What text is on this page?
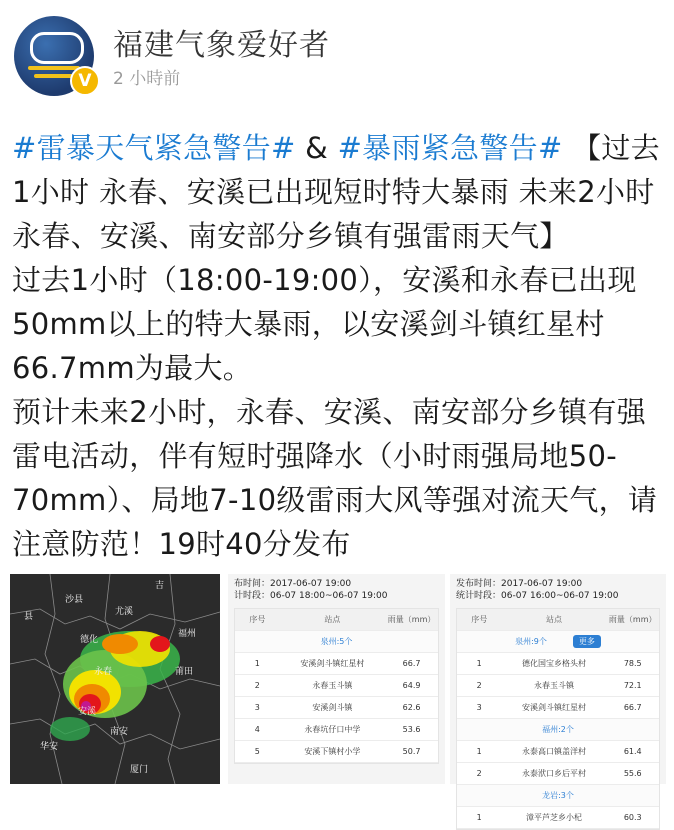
V
福建气象爱好者
2 小時前

#雷暴天气紧急警告# & #暴雨紧急警告# 【过去1小时 永春、安溪已出现短时特大暴雨 未来2小时永春、安溪、南安部分乡镇有强雷雨天气】

过去1小时（18:00-19:00），安溪和永春已出现50mm以上的特大暴雨，以安溪剑斗镇红星村66.7mm为最大。

预计未来2小时，永春、安溪、南安部分乡镇有强雷电活动，伴有短时强降水（小时雨强局地50-70mm）、局地7-10级雷雨大风等强对流天气，请注意防范！19时40分发布

吉
沙县
县	尤溪
德化
永春
安溪
南安
华安
福州
莆田
厦门
布时间：2017-06-07 19:00
计时段：06-07 18:00~06-07 19:00
序号	站点	雨量（mm）
泉州:5个
1	安溪剑斗镇红星村	66.7
2	永春玉斗镇	64.9
3	安溪剑斗镇	62.6
4	永春坑仔口中学	53.6
5	安溪下镇村小学	50.7
发布时间：2017-06-07 19:00
统计时段：06-07 16:00~06-07 19:00
序号	站点	雨量（mm）
泉州:9个	更多
1	德化国宝乡格头村	78.5
2	永春玉斗镇	72.1
3	安溪剑斗镇红星村	66.7
福州:2个
1	永泰高口镇盖洋村	61.4
2	永泰洑口乡后平村	55.6
龙岩:3个
1	漳平芦芝乡小杞	60.3
